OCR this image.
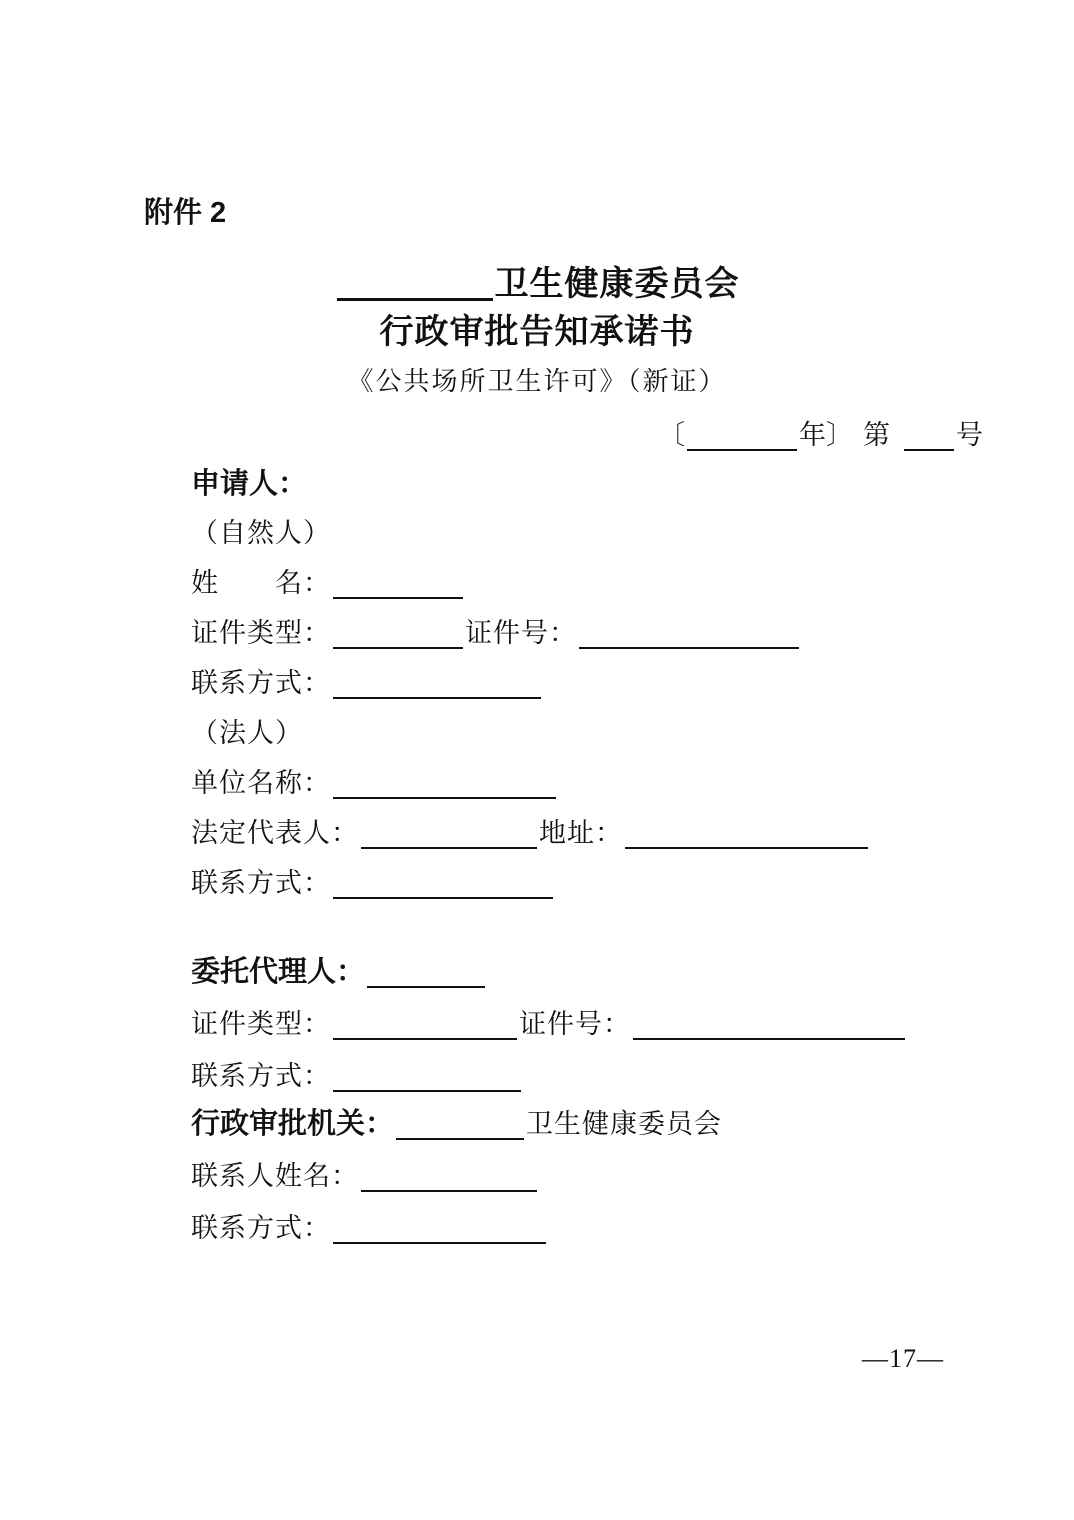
附件 2
卫生健康委员会
行政审批告知承诺书
《公共场所卫生许可》（新证）
〔	年〕 第 号
申请人：
（自然人）
姓　　名：
证件类型：	证件号：
联系方式：
（法人）
单位名称：
法定代表人：	地址：
联系方式：
委托代理人：
证件类型：	证件号：
联系方式：
行政审批机关：	卫生健康委员会
联系人姓名：
联系方式：
—17—
